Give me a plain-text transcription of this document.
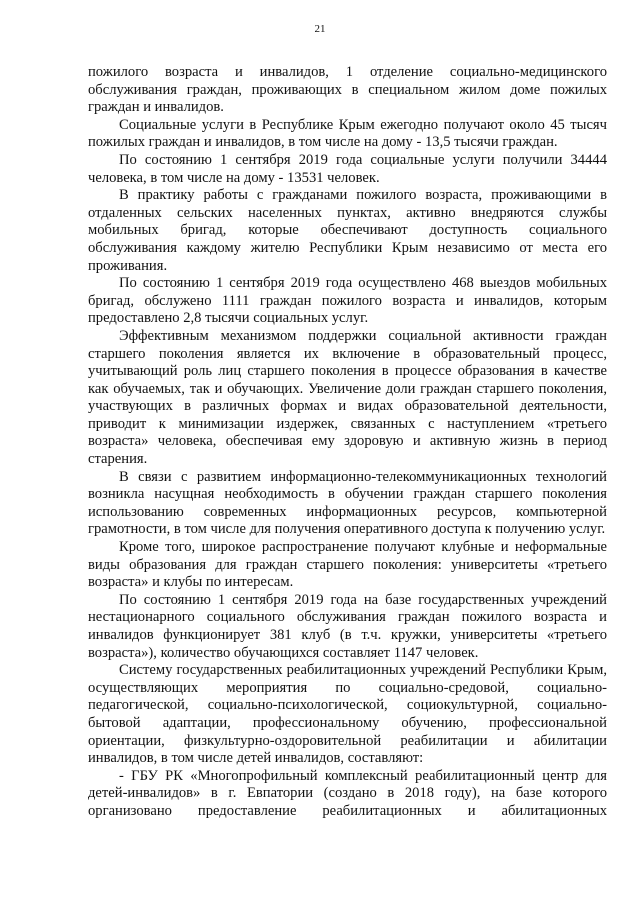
21

пожилого возраста и инвалидов, 1 отделение социально-медицинского обслуживания граждан, проживающих в специальном жилом доме пожилых граждан и инвалидов.

Социальные услуги в Республике Крым ежегодно получают около 45 тысяч пожилых граждан и инвалидов, в том числе на дому - 13,5 тысячи граждан.

По состоянию 1 сентября 2019 года социальные услуги получили 34444 человека, в том числе на дому - 13531 человек.

В практику работы с гражданами пожилого возраста, проживающими в отдаленных сельских населенных пунктах, активно внедряются службы мобильных бригад, которые обеспечивают доступность социального обслуживания каждому жителю Республики Крым независимо от места его проживания.

По состоянию 1 сентября 2019 года осуществлено 468 выездов мобильных бригад, обслужено 1111 граждан пожилого возраста и инвалидов, которым предоставлено 2,8 тысячи социальных услуг.

Эффективным механизмом поддержки социальной активности граждан старшего поколения является их включение в образовательный процесс, учитывающий роль лиц старшего поколения в процессе образования в качестве как обучаемых, так и обучающих. Увеличение доли граждан старшего поколения, участвующих в различных формах и видах образовательной деятельности, приводит к минимизации издержек, связанных с наступлением «третьего возраста» человека, обеспечивая ему здоровую и активную жизнь в период старения.

В связи с развитием информационно-телекоммуникационных технологий возникла насущная необходимость в обучении граждан старшего поколения использованию современных информационных ресурсов, компьютерной грамотности, в том числе для получения оперативного доступа к получению услуг.

Кроме того, широкое распространение получают клубные и неформальные виды образования для граждан старшего поколения: университеты «третьего возраста» и клубы по интересам.

По состоянию 1 сентября 2019 года на базе государственных учреждений нестационарного социального обслуживания граждан пожилого возраста и инвалидов функционирует 381 клуб (в т.ч. кружки, университеты «третьего возраста»), количество обучающихся составляет 1147 человек.

Систему государственных реабилитационных учреждений Республики Крым, осуществляющих мероприятия по социально-средовой, социально-педагогической, социально-психологической, социокультурной, социально-бытовой адаптации, профессиональному обучению, профессиональной ориентации, физкультурно-оздоровительной реабилитации и абилитации инвалидов, в том числе детей инвалидов, составляют:

- ГБУ РК «Многопрофильный комплексный реабилитационный центр для детей-инвалидов» в г. Евпатории (создано в 2018 году), на базе которого организовано предоставление реабилитационных и абилитационных
